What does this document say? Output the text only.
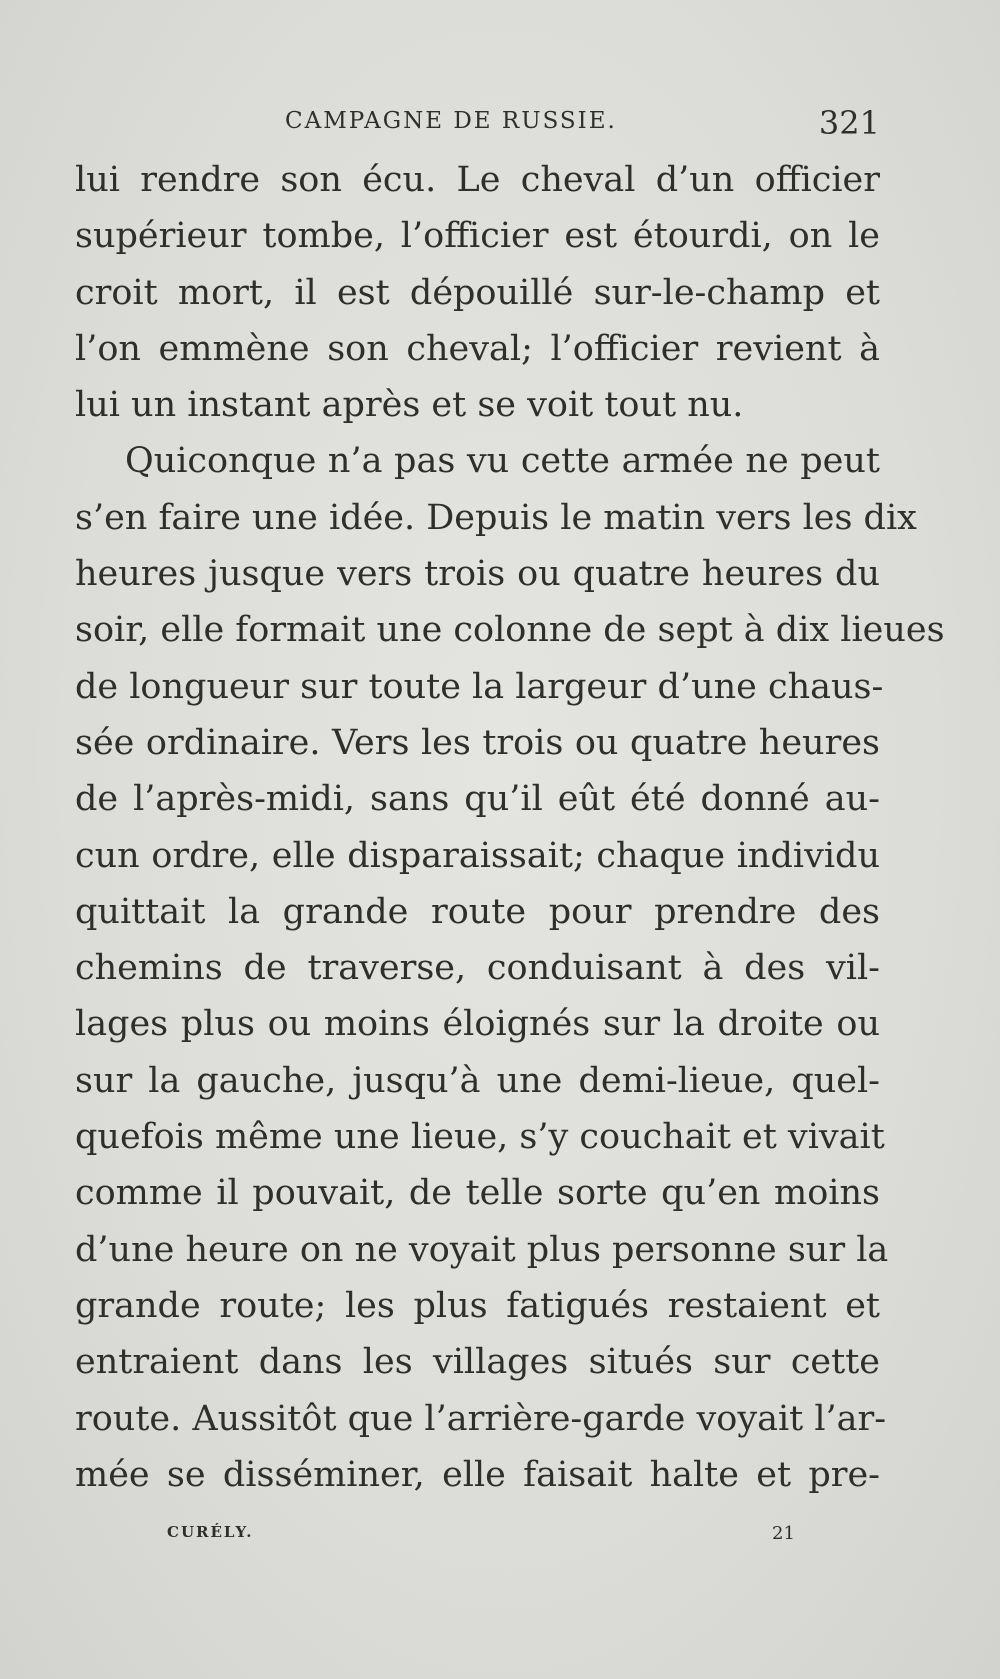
CAMPAGNE DE RUSSIE.	321
lui rendre son écu. Le cheval d’un officier
supérieur tombe, l’officier est étourdi, on le
croit mort, il est dépouillé sur-le-champ et
l’on emmène son cheval; l’officier revient à
lui un instant après et se voit tout nu.
Quiconque n’a pas vu cette armée ne peut
s’en faire une idée. Depuis le matin vers les dix
heures jusque vers trois ou quatre heures du
soir, elle formait une colonne de sept à dix lieues
de longueur sur toute la largeur d’une chaus-
sée ordinaire. Vers les trois ou quatre heures
de l’après-midi, sans qu’il eût été donné au-
cun ordre, elle disparaissait; chaque individu
quittait la grande route pour prendre des
chemins de traverse, conduisant à des vil-
lages plus ou moins éloignés sur la droite ou
sur la gauche, jusqu’à une demi-lieue, quel-
quefois même une lieue, s’y couchait et vivait
comme il pouvait, de telle sorte qu’en moins
d’une heure on ne voyait plus personne sur la
grande route; les plus fatigués restaient et
entraient dans les villages situés sur cette
route. Aussitôt que l’arrière-garde voyait l’ar-
mée se disséminer, elle faisait halte et pre-
CURÉLY.	21
